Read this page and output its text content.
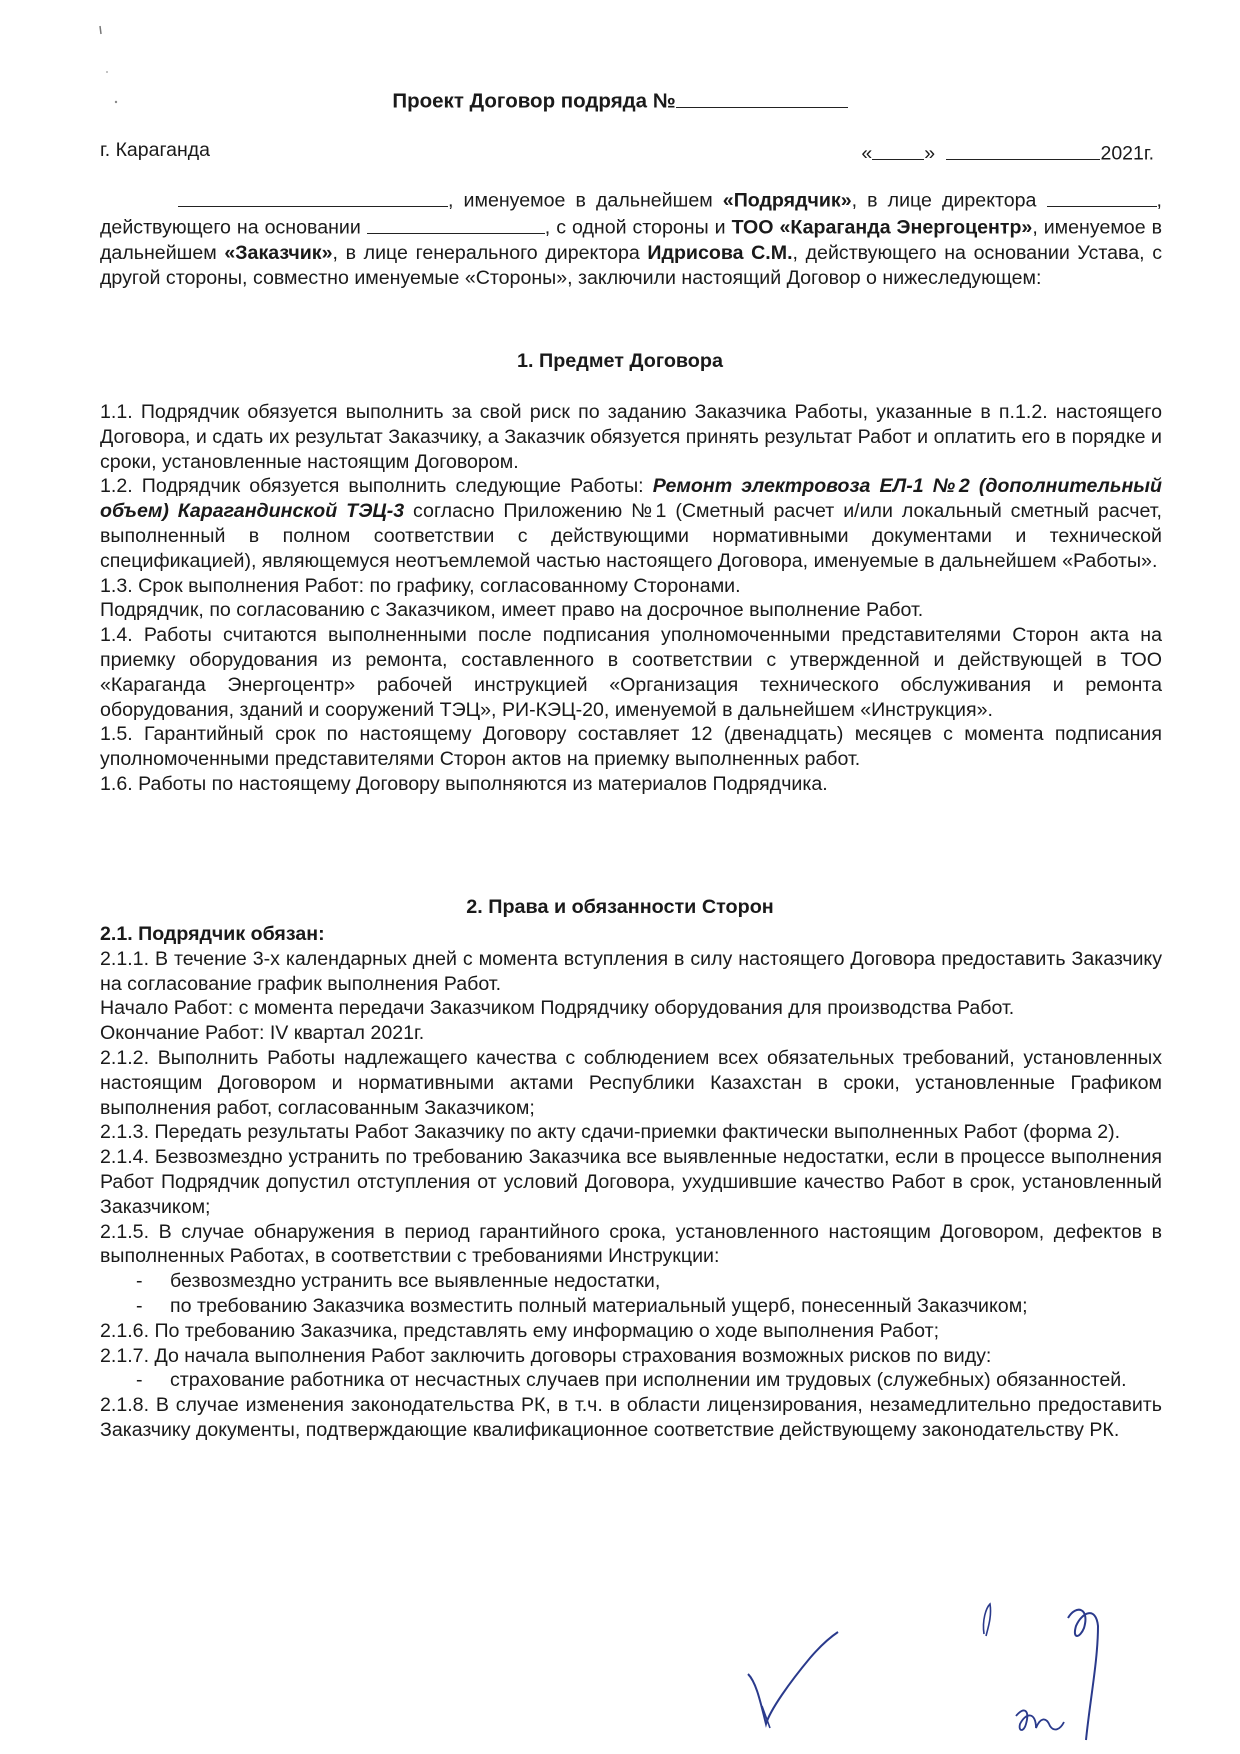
Проект Договор подряда №
г. Караганда	«	»	2021г.
, именуемое в дальнейшем «Подрядчик», в лице директора	, действующего на основании	, с одной стороны и ТОО «Караганда Энергоцентр», именуемое в дальнейшем «Заказчик», в лице генерального директора Идрисова С.М., действующего на основании Устава, с другой стороны, совместно именуемые «Стороны», заключили настоящий Договор о нижеследующем:
1. Предмет Договора

1.1. Подрядчик обязуется выполнить за свой риск по заданию Заказчика Работы, указанные в п.1.2. настоящего Договора, и сдать их результат Заказчику, а Заказчик обязуется принять результат Работ и оплатить его в порядке и сроки, установленные настоящим Договором.

1.2. Подрядчик обязуется выполнить следующие Работы: Ремонт электровоза ЕЛ-1 №2 (дополнительный объем) Карагандинской ТЭЦ-3 согласно Приложению №1 (Сметный расчет и/или локальный сметный расчет, выполненный в полном соответствии с действующими нормативными документами и технической спецификацией), являющемуся неотъемлемой частью настоящего Договора, именуемые в дальнейшем «Работы».

1.3. Срок выполнения Работ: по графику, согласованному Сторонами.

Подрядчик, по согласованию с Заказчиком, имеет право на досрочное выполнение Работ.

1.4. Работы считаются выполненными после подписания уполномоченными представителями Сторон акта на приемку оборудования из ремонта, составленного в соответствии с утвержденной и действующей в ТОО «Караганда Энергоцентр» рабочей инструкцией «Организация технического обслуживания и ремонта оборудования, зданий и сооружений ТЭЦ», РИ-КЭЦ-20, именуемой в дальнейшем «Инструкция».

1.5. Гарантийный срок по настоящему Договору составляет 12 (двенадцать) месяцев с момента подписания уполномоченными представителями Сторон актов на приемку выполненных работ.

1.6. Работы по настоящему Договору выполняются из материалов Подрядчика.

2. Права и обязанности Сторон

2.1. Подрядчик обязан:

2.1.1. В течение 3-х календарных дней с момента вступления в силу настоящего Договора предоставить Заказчику на согласование график выполнения Работ.

Начало Работ: с момента передачи Заказчиком Подрядчику оборудования для производства Работ.

Окончание Работ: IV квартал 2021г.

2.1.2. Выполнить Работы надлежащего качества с соблюдением всех обязательных требований, установленных настоящим Договором и нормативными актами Республики Казахстан в сроки, установленные Графиком выполнения работ, согласованным Заказчиком;

2.1.3. Передать результаты Работ Заказчику по акту сдачи-приемки фактически выполненных Работ (форма 2).

2.1.4. Безвозмездно устранить по требованию Заказчика все выявленные недостатки, если в процессе выполнения Работ Подрядчик допустил отступления от условий Договора, ухудшившие качество Работ в срок, установленный Заказчиком;

2.1.5. В случае обнаружения в период гарантийного срока, установленного настоящим Договором, дефектов в выполненных Работах, в соответствии с требованиями Инструкции:

- безвозмездно устранить все выявленные недостатки,

- по требованию Заказчика возместить полный материальный ущерб, понесенный Заказчиком;

2.1.6. По требованию Заказчика, представлять ему информацию о ходе выполнения Работ;

2.1.7. До начала выполнения Работ заключить договоры страхования возможных рисков по виду:

- страхование работника от несчастных случаев при исполнении им трудовых (служебных) обязанностей.

2.1.8. В случае изменения законодательства РК, в т.ч. в области лицензирования, незамедлительно предоставить Заказчику документы, подтверждающие квалификационное соответствие действующему законодательству РК.
